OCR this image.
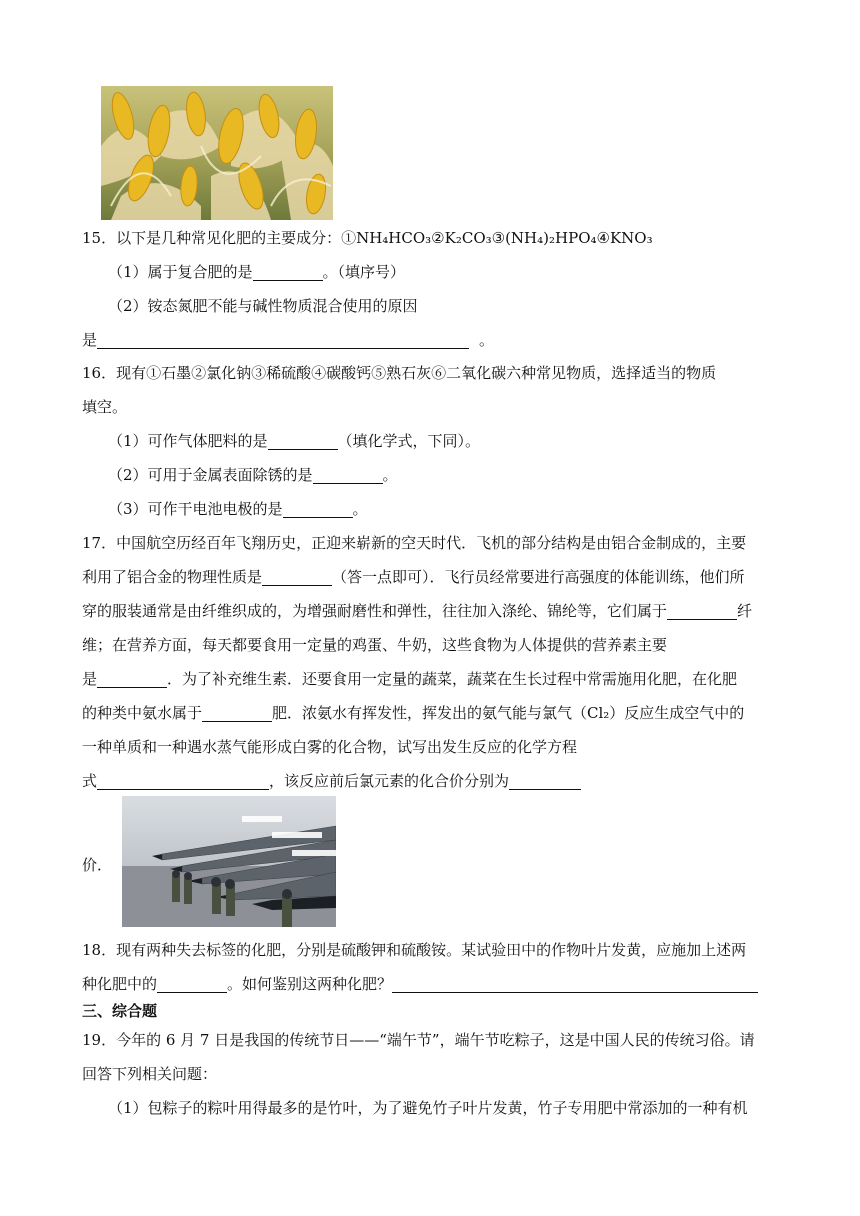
15．以下是几种常见化肥的主要成分：①NH₄HCO₃②K₂CO₃③(NH₄)₂HPO₄④KNO₃
（1）属于复合肥的是	。（填序号）
（2）铵态氮肥不能与碱性物质混合使用的原因
是	。
16．现有①石墨②氯化钠③稀硫酸④碳酸钙⑤熟石灰⑥二氧化碳六种常见物质，选择适当的物质
填空。
（1）可作气体肥料的是	（填化学式，下同）。
（2）可用于金属表面除锈的是	。
（3）可作干电池电极的是	。
17．中国航空历经百年飞翔历史，正迎来崭新的空天时代．飞机的部分结构是由铝合金制成的，主要
利用了铝合金的物理性质是	（答一点即可）．飞行员经常要进行高强度的体能训练，他们所
穿的服装通常是由纤维织成的，为增强耐磨性和弹性，往往加入涤纶、锦纶等，它们属于	纤
维；在营养方面，每天都要食用一定量的鸡蛋、牛奶，这些食物为人体提供的营养素主要
是	．为了补充维生素．还要食用一定量的蔬菜，蔬菜在生长过程中常需施用化肥，在化肥
的种类中氨水属于	肥．浓氨水有挥发性，挥发出的氨气能与氯气（Cl₂）反应生成空气中的
一种单质和一种遇水蒸气能形成白雾的化合物，试写出发生反应的化学方程
式	，该反应前后氯元素的化合价分别为
价．
18．现有两种失去标签的化肥，分别是硫酸钾和硫酸铵。某试验田中的作物叶片发黄，应施加上述两
种化肥中的	。如何鉴别这两种化肥？
三、综合题
19．今年的 6 月 7 日是我国的传统节日——“端午节”，端午节吃粽子，这是中国人民的传统习俗。请
回答下列相关问题：
（1）包粽子的粽叶用得最多的是竹叶，为了避免竹子叶片发黄，竹子专用肥中常添加的一种有机
